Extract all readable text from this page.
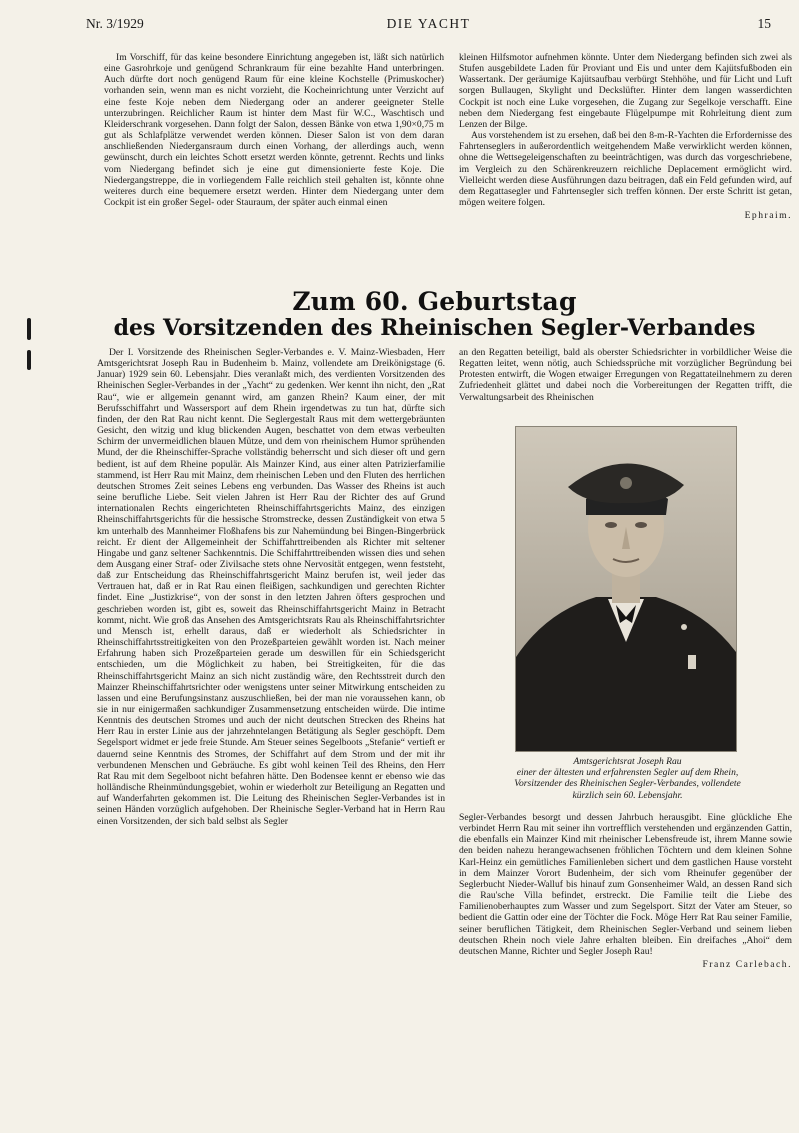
Nr. 3/1929	DIE YACHT	15

Im Vorschiff, für das keine besondere Einrichtung angegeben ist, läßt sich natürlich eine Gasrohrkoje und genügend Schrankraum für eine bezahlte Hand unterbringen. Auch dürfte dort noch genügend Raum für eine kleine Kochstelle (Primuskocher) vorhanden sein, wenn man es nicht vorzieht, die Kocheinrichtung unter Verzicht auf eine feste Koje neben dem Niedergang oder an anderer geeigneter Stelle unterzubringen. Reichlicher Raum ist hinter dem Mast für W.C., Waschtisch und Kleiderschrank vorgesehen. Dann folgt der Salon, dessen Bänke von etwa 1,90×0,75 m gut als Schlafplätze verwendet werden können. Dieser Salon ist von dem daran anschließenden Niedergansraum durch einen Vorhang, der allerdings auch, wenn gewünscht, durch ein leichtes Schott ersetzt werden könnte, getrennt. Rechts und links vom Niedergang befindet sich je eine gut dimensionierte feste Koje. Die Niedergangstreppe, die in vorliegendem Falle reichlich steil gehalten ist, könnte ohne weiteres durch eine bequemere ersetzt werden. Hinter dem Niedergang unter dem Cockpit ist ein großer Segel- oder Stauraum, der später auch einmal einen

kleinen Hilfsmotor aufnehmen könnte. Unter dem Niedergang befinden sich zwei als Stufen ausgebildete Laden für Proviant und Eis und unter dem Kajütsfußboden ein Wassertank. Der geräumige Kajütsaufbau verbürgt Stehhöhe, und für Licht und Luft sorgen Bullaugen, Skylight und Deckslüfter. Hinter dem langen wasserdichten Cockpit ist noch eine Luke vorgesehen, die Zugang zur Segelkoje verschafft. Eine neben dem Niedergang fest eingebaute Flügelpumpe mit Rohrleitung dient zum Lenzen der Bilge.

Aus vorstehendem ist zu ersehen, daß bei den 8-m-R-Yachten die Erfordernisse des Fahrtenseglers in außerordentlich weitgehendem Maße verwirklicht werden können, ohne die Wettsegeleigenschaften zu beeinträchtigen, was durch das vorgeschriebene, im Vergleich zu den Schärenkreuzern reichliche Deplacement ermöglicht wird. Vielleicht werden diese Ausführungen dazu beitragen, daß ein Feld gefunden wird, auf dem Regattasegler und Fahrtensegler sich treffen können. Der erste Schritt ist getan, mögen weitere folgen.

Ephraim.
Zum 60. Geburtstag
des Vorsitzenden des Rheinischen Segler-Verbandes

Der I. Vorsitzende des Rheinischen Segler-Verbandes e. V. Mainz-Wiesbaden, Herr Amtsgerichtsrat Joseph Rau in Budenheim b. Mainz, vollendete am Dreikönigstage (6. Januar) 1929 sein 60. Lebensjahr. Dies veranlaßt mich, des verdienten Vorsitzenden des Rheinischen Segler-Verbandes in der „Yacht“ zu gedenken. Wer kennt ihn nicht, den „Rat Rau“, wie er allgemein genannt wird, am ganzen Rhein? Kaum einer, der mit Berufsschiffahrt und Wassersport auf dem Rhein irgendetwas zu tun hat, dürfte sich finden, der den Rat Rau nicht kennt. Die Seglergestalt Raus mit dem wettergebräunten Gesicht, den witzig und klug blickenden Augen, beschattet von dem etwas verbeulten Schirm der unvermeidlichen blauen Mütze, und dem von rheinischem Humor sprühenden Mund, der die Rheinschiffer-Sprache vollständig beherrscht und sich dieser oft und gern bedient, ist auf dem Rheine populär. Als Mainzer Kind, aus einer alten Patrizierfamilie stammend, ist Herr Rau mit Mainz, dem rheinischen Leben und den Fluten des herrlichen deutschen Stromes Zeit seines Lebens eng verbunden. Das Wasser des Rheins ist auch seine berufliche Liebe. Seit vielen Jahren ist Herr Rau der Richter des auf Grund internationalen Rechts eingerichteten Rheinschiffahrtsgerichts Mainz, des einzigen Rheinschiffahrtsgerichts für die hessische Stromstrecke, dessen Zuständigkeit von etwa 5 km unterhalb des Mannheimer Floßhafens bis zur Nahemündung bei Bingen-Bingerbrück reicht. Er dient der Allgemeinheit der Schiffahrttreibenden als Richter mit seltener Hingabe und ganz seltener Sachkenntnis. Die Schiffahrttreibenden wissen dies und sehen dem Ausgang einer Straf- oder Zivilsache stets ohne Nervosität entgegen, wenn feststeht, daß zur Entscheidung das Rheinschiffahrtsgericht Mainz berufen ist, weil jeder das Vertrauen hat, daß er in Rat Rau einen fleißigen, sachkundigen und gerechten Richter findet. Eine „Justizkrise“, von der sonst in den letzten Jahren öfters gesprochen und geschrieben worden ist, gibt es, soweit das Rheinschiffahrtsgericht Mainz in Betracht kommt, nicht. Wie groß das Ansehen des Amtsgerichtsrats Rau als Rheinschiffahrtsrichter und Mensch ist, erhellt daraus, daß er wiederholt als Schiedsrichter in Rheinschiffahrtsstreitigkeiten von den Prozeßparteien gewählt worden ist. Nach meiner Erfahrung haben sich Prozeßparteien gerade um deswillen für ein Schiedsgericht entschieden, um die Möglichkeit zu haben, bei Streitigkeiten, für die das Rheinschiffahrtsgericht Mainz an sich nicht zuständig wäre, den Rechtsstreit durch den Mainzer Rheinschiffahrtsrichter oder wenigstens unter seiner Mitwirkung entscheiden zu lassen und eine Berufungsinstanz auszuschließen, bei der man nie voraussehen kann, ob sie in nur einigermaßen sachkundiger Zusammensetzung entscheiden würde. Die intime Kenntnis des deutschen Stromes und auch der nicht deutschen Strecken des Rheins hat Herr Rau in erster Linie aus der jahrzehntelangen Betätigung als Segler geschöpft. Dem Segelsport widmet er jede freie Stunde. Am Steuer seines Segelboots „Stefanie“ vertieft er dauernd seine Kenntnis des Stromes, der Schiffahrt auf dem Strom und der mit ihr verbundenen Menschen und Gebräuche. Es gibt wohl keinen Teil des Rheins, den Herr Rat Rau mit dem Segelboot nicht befahren hätte. Den Bodensee kennt er ebenso wie das holländische Rheinmündungsgebiet, wohin er wiederholt zur Beteiligung an Regatten und auf Wanderfahrten gekommen ist. Die Leitung des Rheinischen Segler-Verbandes ist in seinen Händen vorzüglich aufgehoben. Der Rheinische Segler-Verband hat in Herrn Rau einen Vorsitzenden, der sich bald selbst als Segler

an den Regatten beteiligt, bald als oberster Schiedsrichter in vorbildlicher Weise die Regatten leitet, wenn nötig, auch Schiedssprüche mit vorzüglicher Begründung bei Protesten entwirft, die Wogen etwaiger Erregungen von Regattateilnehmern zu deren Zufriedenheit glättet und dabei noch die Vorbereitungen der Regatten trifft, die Verwaltungsarbeit des Rheinischen

Amtsgerichtsrat Joseph Rau
einer der ältesten und erfahrensten Segler auf dem Rhein,
Vorsitzender des Rheinischen Segler-Verbandes, vollendete
kürzlich sein 60. Lebensjahr.

Segler-Verbandes besorgt und dessen Jahrbuch herausgibt. Eine glückliche Ehe verbindet Herrn Rau mit seiner ihn vortrefflich verstehenden und ergänzenden Gattin, die ebenfalls ein Mainzer Kind mit rheinischer Lebensfreude ist, ihrem Manne sowie den beiden nahezu herangewachsenen fröhlichen Töchtern und dem kleinen Sohne Karl-Heinz ein gemütliches Familienleben sichert und dem gastlichen Hause vorsteht in dem Mainzer Vorort Budenheim, der sich vom Rheinufer gegenüber der Seglerbucht Nieder-Walluf bis hinauf zum Gonsenheimer Wald, an dessen Rand sich die Rau'sche Villa befindet, erstreckt. Die Familie teilt die Liebe des Familienoberhauptes zum Wasser und zum Segelsport. Sitzt der Vater am Steuer, so bedient die Gattin oder eine der Töchter die Fock. Möge Herr Rat Rau seiner Familie, seiner beruflichen Tätigkeit, dem Rheinischen Segler-Verband und seinem lieben deutschen Rhein noch viele Jahre erhalten bleiben. Ein dreifaches „Ahoi“ dem deutschen Manne, Richter und Segler Joseph Rau!

Franz Carlebach.
